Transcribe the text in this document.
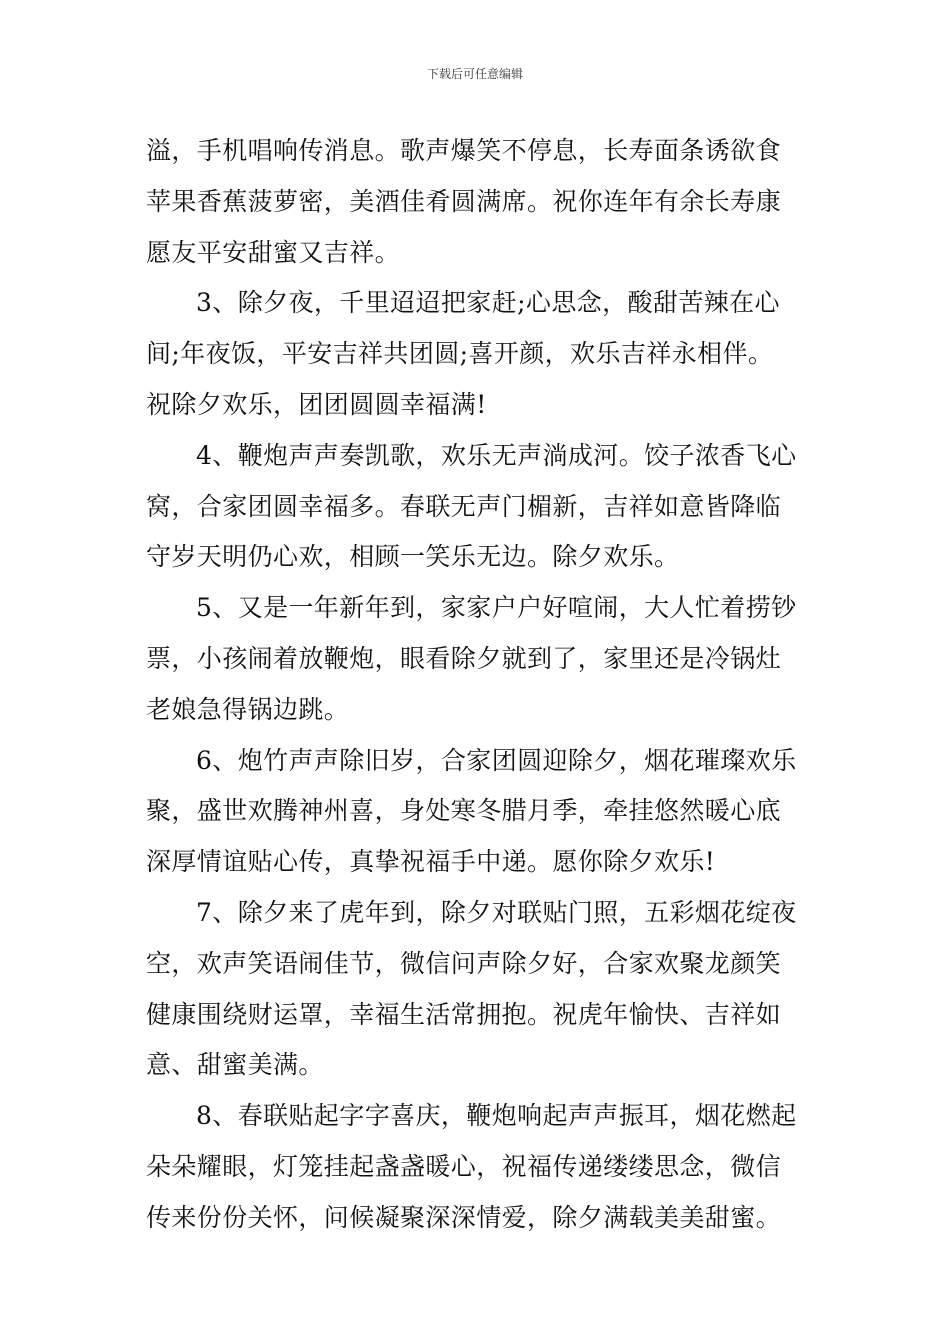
下载后可任意编辑
溢，手机唱响传消息。歌声爆笑不停息，长寿面条诱欲食
苹果香蕉菠萝密，美酒佳肴圆满席。祝你连年有余长寿康
愿友平安甜蜜又吉祥。
3、除夕夜，千里迢迢把家赶;心思念，酸甜苦辣在心
间;年夜饭，平安吉祥共团圆;喜开颜，欢乐吉祥永相伴。
祝除夕欢乐，团团圆圆幸福满!
4、鞭炮声声奏凯歌，欢乐无声淌成河。饺子浓香飞心
窝，合家团圆幸福多。春联无声门楣新，吉祥如意皆降临
守岁天明仍心欢，相顾一笑乐无边。除夕欢乐。
5、又是一年新年到，家家户户好喧闹，大人忙着捞钞
票，小孩闹着放鞭炮，眼看除夕就到了，家里还是冷锅灶
老娘急得锅边跳。
6、炮竹声声除旧岁，合家团圆迎除夕，烟花璀璨欢乐
聚，盛世欢腾神州喜，身处寒冬腊月季，牵挂悠然暖心底
深厚情谊贴心传，真挚祝福手中递。愿你除夕欢乐!
7、除夕来了虎年到，除夕对联贴门照，五彩烟花绽夜
空，欢声笑语闹佳节，微信问声除夕好，合家欢聚龙颜笑
健康围绕财运罩，幸福生活常拥抱。祝虎年愉快、吉祥如
意、甜蜜美满。
8、春联贴起字字喜庆，鞭炮响起声声振耳，烟花燃起
朵朵耀眼，灯笼挂起盏盏暖心，祝福传递缕缕思念，微信
传来份份关怀，问候凝聚深深情爱，除夕满载美美甜蜜。
